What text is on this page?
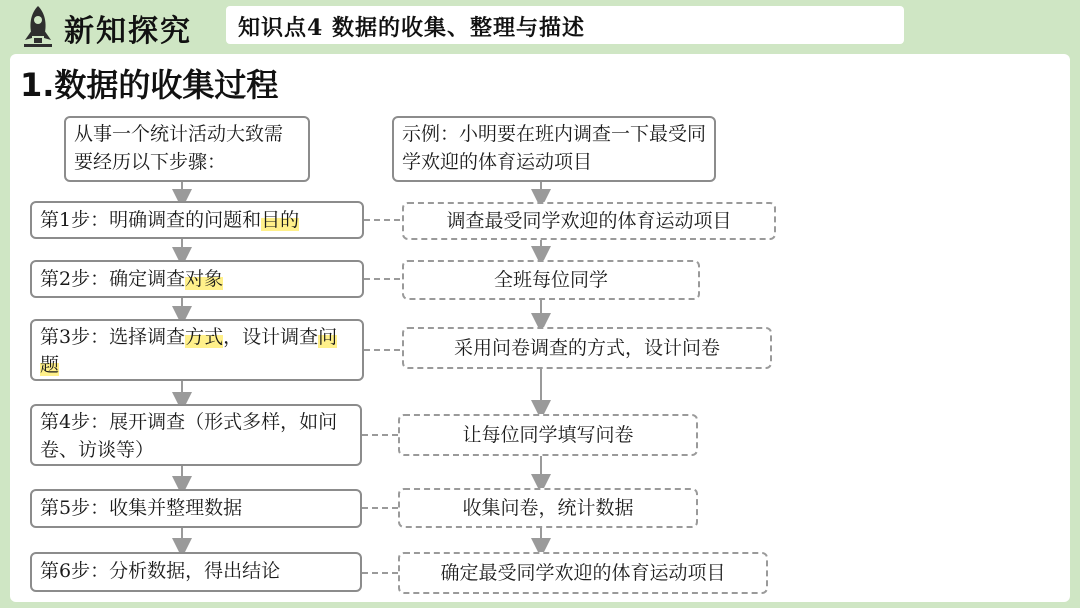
新知探究 知识点4 数据的收集、整理与描述
1.数据的收集过程
从事一个统计活动大致需要经历以下步骤：
第1步：明确调查的问题和目的
第2步：确定调查对象
第3步：选择调查方式，设计调查问题
第4步：展开调查（形式多样，如问卷、访谈等）
第5步：收集并整理数据
第6步：分析数据，得出结论
示例：小明要在班内调查一下最受同学欢迎的体育运动项目
调查最受同学欢迎的体育运动项目
全班每位同学
采用问卷调查的方式，设计问卷
让每位同学填写问卷
收集问卷，统计数据
确定最受同学欢迎的体育运动项目
